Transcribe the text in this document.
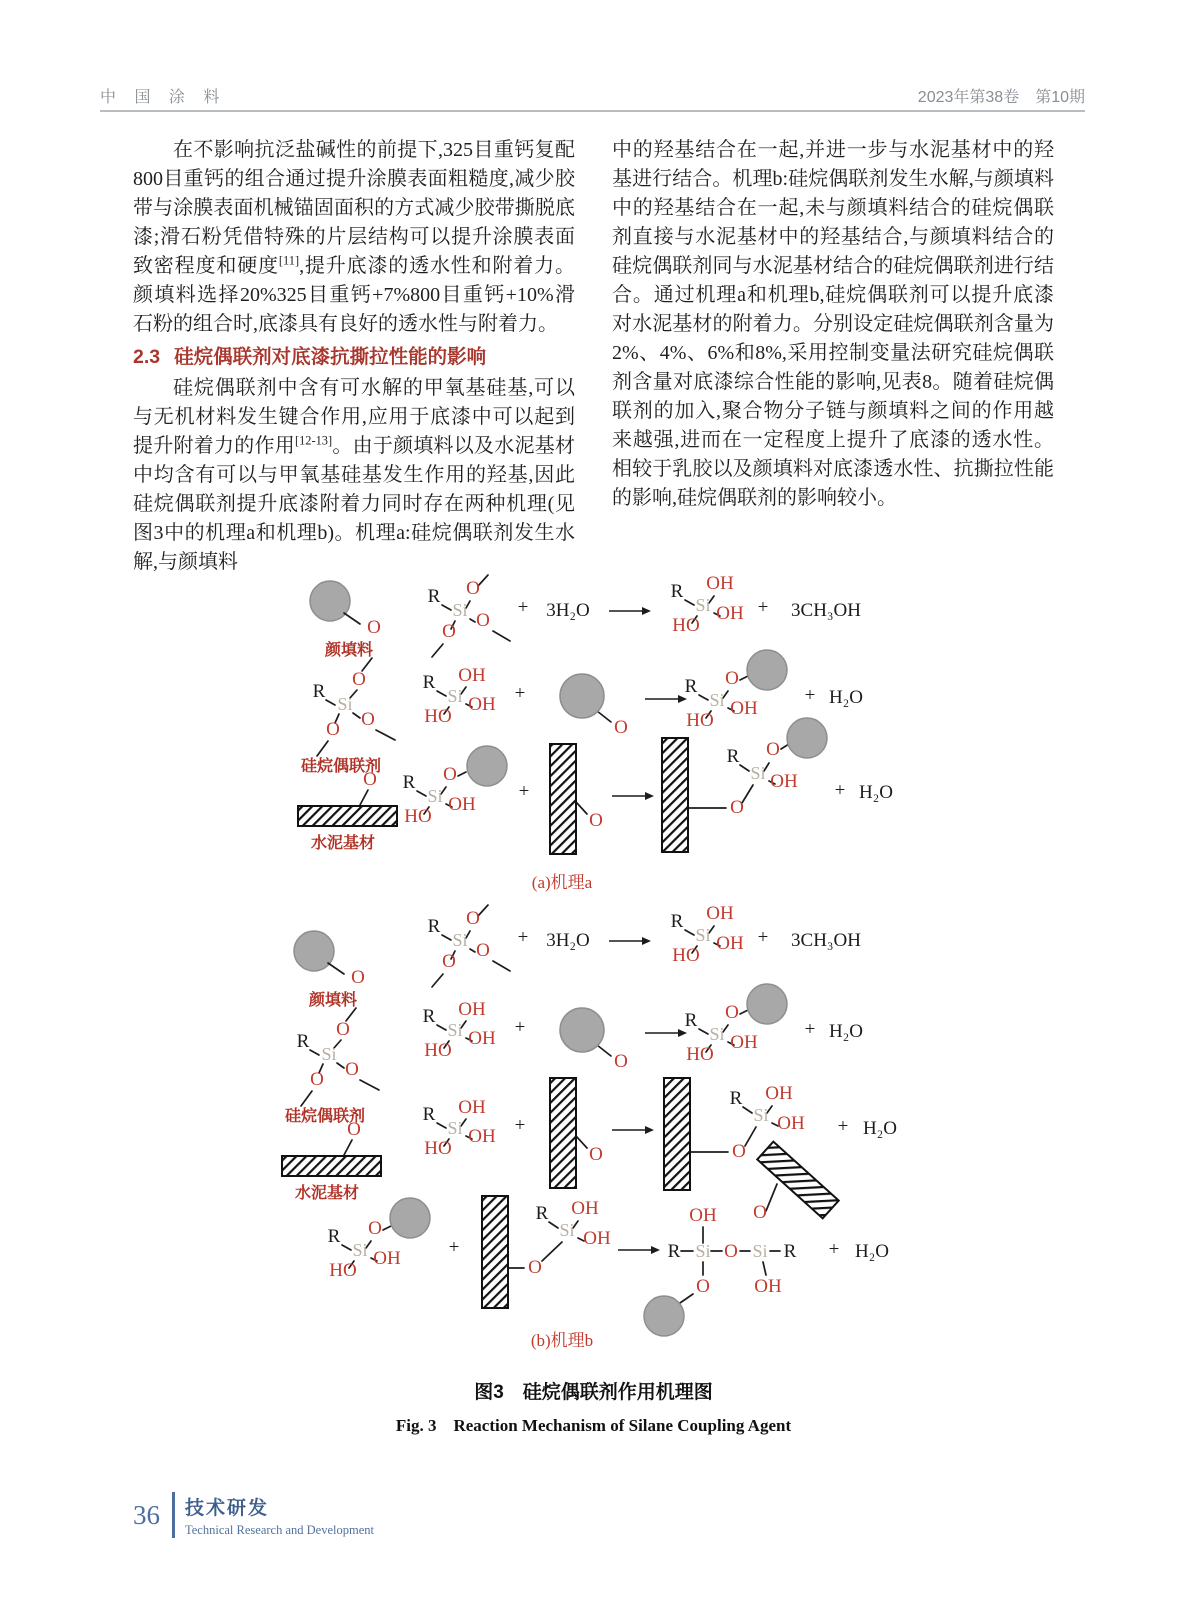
中 国 涂 料	2023年第38卷　第10期

在不影响抗泛盐碱性的前提下,325目重钙复配800目重钙的组合通过提升涂膜表面粗糙度,减少胶带与涂膜表面机械锚固面积的方式减少胶带撕脱底漆;滑石粉凭借特殊的片层结构可以提升涂膜表面致密程度和硬度[11],提升底漆的透水性和附着力。颜填料选择20%325目重钙+7%800目重钙+10%滑石粉的组合时,底漆具有良好的透水性与附着力。

2.3 硅烷偶联剂对底漆抗撕拉性能的影响

硅烷偶联剂中含有可水解的甲氧基硅基,可以与无机材料发生键合作用,应用于底漆中可以起到提升附着力的作用[12-13]。由于颜填料以及水泥基材中均含有可以与甲氧基硅基发生作用的羟基,因此硅烷偶联剂提升底漆附着力同时存在两种机理(见图3中的机理a和机理b)。机理a:硅烷偶联剂发生水解,与颜填料

中的羟基结合在一起,并进一步与水泥基材中的羟基进行结合。机理b:硅烷偶联剂发生水解,与颜填料中的羟基结合在一起,未与颜填料结合的硅烷偶联剂直接与水泥基材中的羟基结合,与颜填料结合的硅烷偶联剂同与水泥基材结合的硅烷偶联剂进行结合。通过机理a和机理b,硅烷偶联剂可以提升底漆对水泥基材的附着力。分别设定硅烷偶联剂含量为2%、4%、6%和8%,采用控制变量法研究硅烷偶联剂含量对底漆综合性能的影响,见表8。随着硅烷偶联剂的加入,聚合物分子链与颜填料之间的作用越来越强,进而在一定程度上提升了底漆的透水性。相较于乳胶以及颜填料对底漆透水性、抗撕拉性能的影响,硅烷偶联剂的影响较小。

O
颜填料
O
R
Si
O
O
硅烷偶联剂
O
水泥基材
R
Si
O
O
O
+ 3H₂O
R
Si
OH
OH
HO
+ 3CH₃OH
R
Si
OH
OH
HO
+
O
R
Si
O
OH
HO
+ H₂O
R
Si
O
OH
HO
+
O
R
Si
O
OH
O
+ H₂O
(a)机理a
O
颜填料
O
R
Si
O
O
硅烷偶联剂
O
水泥基材
R
Si
O
O
O
+ 3H₂O
R
Si
OH
OH
HO
+ 3CH₃OH
R
Si
OH
OH
HO
+
O
R
Si
O
OH
HO
+ H₂O
R
Si
OH
OH
HO
+
O
R
Si
OH
OH
O
+ H₂O
R
Si
O
OH
HO
+
R
Si
OH
OH
O
R Si O Si R
OH
O
O
OH
+ H₂O
(b)机理b
图3　硅烷偶联剂作用机理图
Fig. 3　Reaction Mechanism of Silane Coupling Agent
36 技术研发
Technical Research and Development
